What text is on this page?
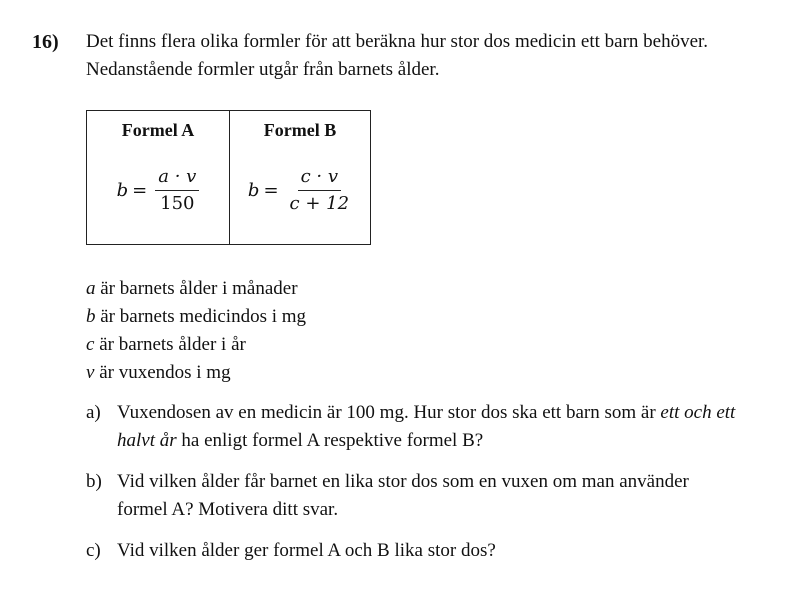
16) Det finns flera olika formler för att beräkna hur stor dos medicin ett barn behöver.
Nedanstående formler utgår från barnets ålder.
Formel A
$b = \frac{a \cdot v}{150}$
Formel B
$b = \frac{c \cdot v}{c + 12}$
a är barnets ålder i månader
b är barnets medicindos i mg
c är barnets ålder i år
v är vuxendos i mg
a) Vuxendosen av en medicin är 100 mg. Hur stor dos ska ett barn som är ett och ett
halvt år ha enligt formel A respektive formel B?
b) Vid vilken ålder får barnet en lika stor dos som en vuxen om man använder
formel A? Motivera ditt svar.
c) Vid vilken ålder ger formel A och B lika stor dos?
